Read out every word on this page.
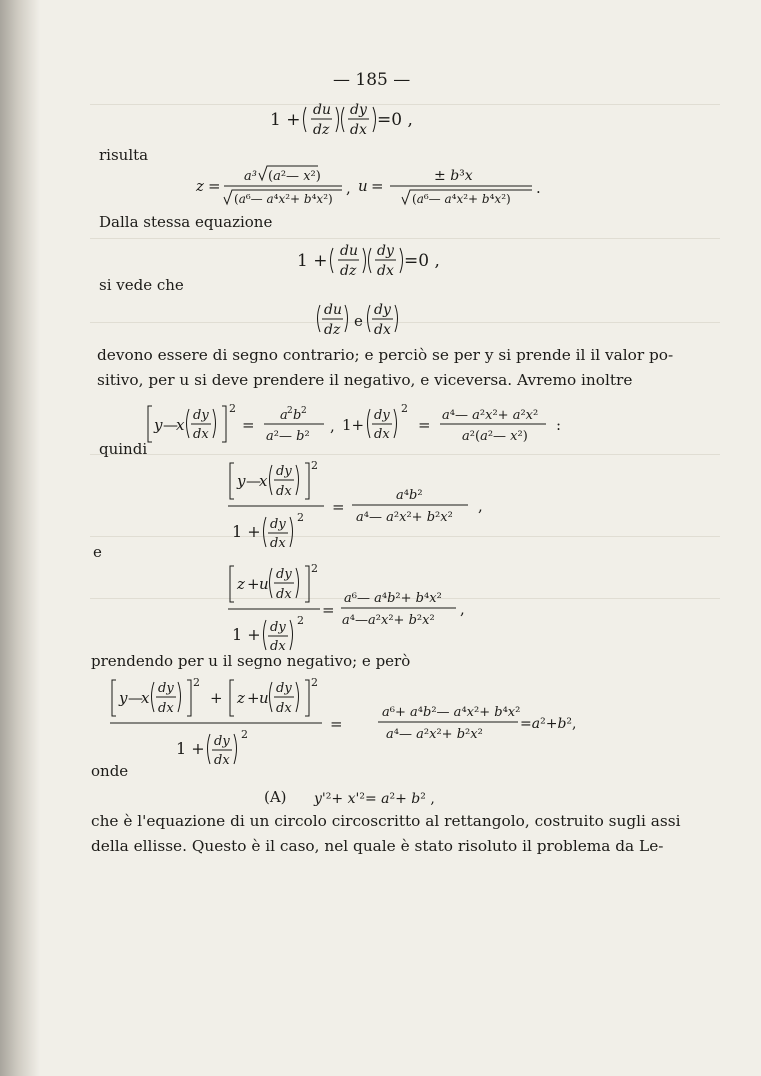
— 185 —
1 + du
dz
dy
dx =0 ,
risulta
z =
a³ (a²— x²)
(a⁶— a⁴x²+ b⁴x²)
, u =
± b³x
(a⁶— a⁴x²+ b⁴x²)
.
Dalla stessa equazione
1 + du
dz
dy
dx =0 ,
si vede che
du
dz e
dy
dx
devono essere di segno contrario; e perciò se per y si prende il il valor po-
sitivo, per u si deve prendere il negativo, e viceversa. Avremo inoltre
y —
x
dy
dx
2
=
a 2 b 2
a²— b²
, 1+
dy
dx
2
=
a⁴— a²x²+ a²x²
a²(a²— x²)
:
quindi
y —
x
dy
dx
2
1 + dy
dx
2
=
a⁴b²
a⁴— a²x²+ b²x²
,
e
z + u
dy
dx
2
1 + dy
dx
2
=
a⁶— a⁴b²+ b⁴x²
a⁴—a²x²+ b²x²
,
prendendo per u il segno negativo; e però
y —
x
dy
dx
2
+ z + u
dy
dx
2
1 + dy
dx
2
=
a⁶+ a⁴b²— a⁴x²+ b⁴x²
a⁴— a²x²+ b²x²
=a²+b²,
onde
(A) y'²+ x'²= a²+ b² ,
che è l'equazione di un circolo circoscritto al rettangolo, costruito sugli assi
della ellisse. Questo è il caso, nel quale è stato risoluto il problema da Le-
